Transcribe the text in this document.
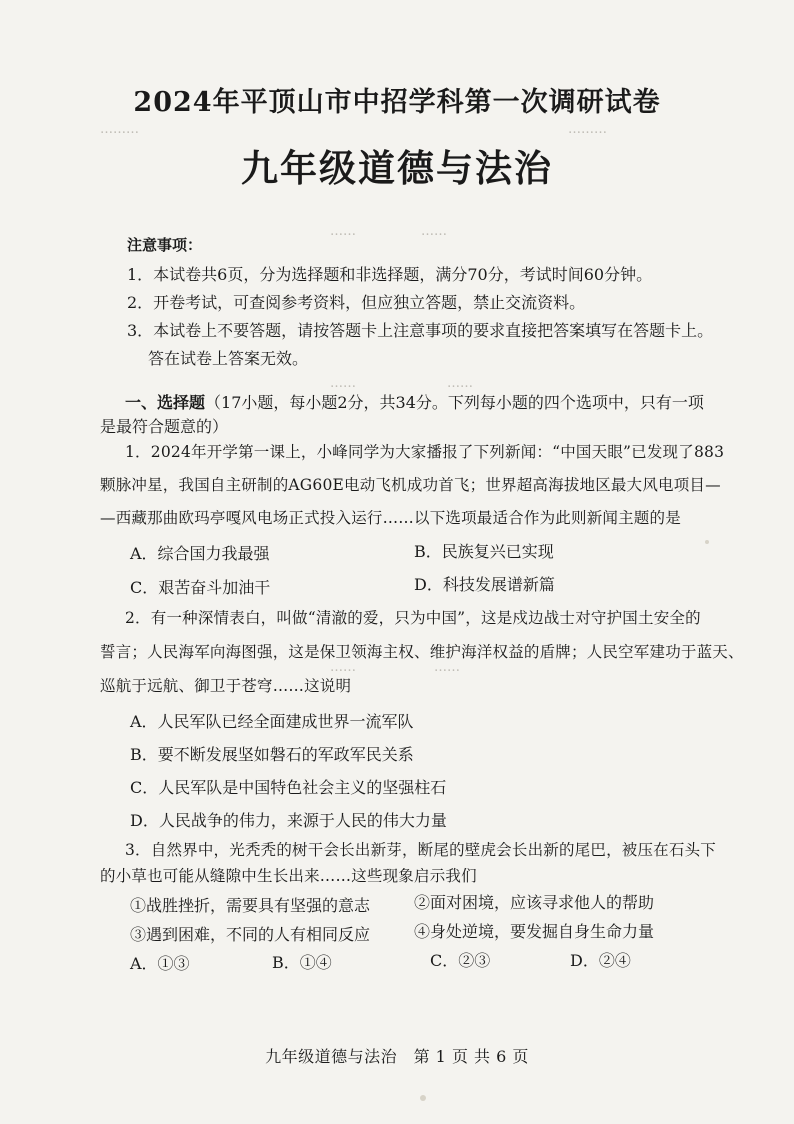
………　　　　　　　　　　　　　　　　　　　　　　　　　　　　　　　　　………
……　　　　　……
……　　　　　　　……
……　　　　　　……
2024年平顶山市中招学科第一次调研试卷
九年级道德与法治
注意事项：
1．本试卷共6页，分为选择题和非选择题，满分70分，考试时间60分钟。
2．开卷考试，可查阅参考资料，但应独立答题，禁止交流资料。
3．本试卷上不要答题，请按答题卡上注意事项的要求直接把答案填写在答题卡上。
答在试卷上答案无效。
一、选择题（17小题，每小题2分，共34分。下列每小题的四个选项中，只有一项
是最符合题意的）
1．2024年开学第一课上，小峰同学为大家播报了下列新闻：“中国天眼”已发现了883
颗脉冲星，我国自主研制的AG60E电动飞机成功首飞；世界超高海拔地区最大风电项目—
—西藏那曲欧玛亭嘎风电场正式投入运行……以下选项最适合作为此则新闻主题的是
A．综合国力我最强	B．民族复兴已实现
C．艰苦奋斗加油干	D．科技发展谱新篇
2．有一种深情表白，叫做“清澈的爱，只为中国”，这是戍边战士对守护国土安全的
誓言；人民海军向海图强，这是保卫领海主权、维护海洋权益的盾牌；人民空军建功于蓝天、
巡航于远航、御卫于苍穹……这说明
A．人民军队已经全面建成世界一流军队
B．要不断发展坚如磐石的军政军民关系
C．人民军队是中国特色社会主义的坚强柱石
D．人民战争的伟力，来源于人民的伟大力量
3．自然界中，光秃秃的树干会长出新芽，断尾的壁虎会长出新的尾巴，被压在石头下
的小草也可能从缝隙中生长出来……这些现象启示我们
①战胜挫折，需要具有坚强的意志	②面对困境，应该寻求他人的帮助
③遇到困难，不同的人有相同反应	④身处逆境，要发掘自身生命力量
A．①③	B．①④	C．②③	D．②④
九年级道德与法治　第 1 页 共 6 页
